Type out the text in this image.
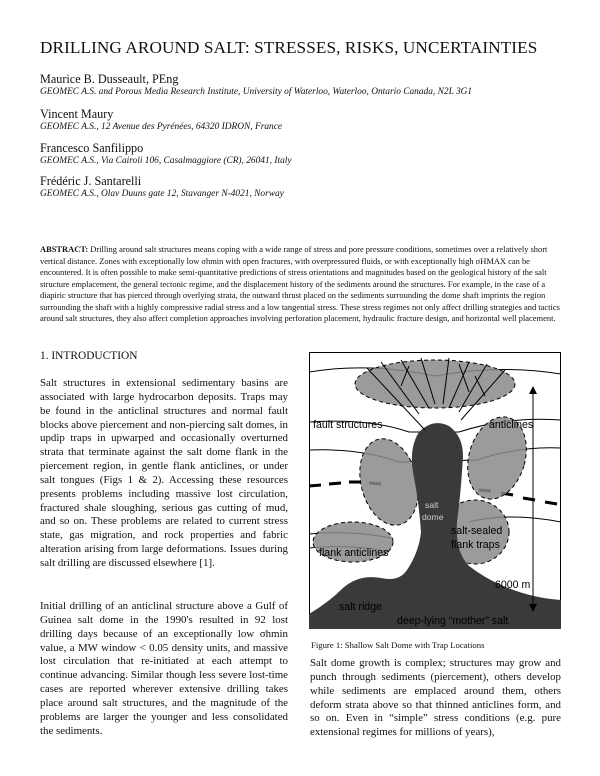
DRILLING AROUND SALT: STRESSES, RISKS, UNCERTAINTIES
Maurice B. Dusseault, PEng
GEOMEC A.S. and Porous Media Research Institute, University of Waterloo, Waterloo, Ontario Canada, N2L 3G1
Vincent Maury
GEOMEC A.S., 12 Avenue des Pyrénées, 64320 IDRON, France
Francesco Sanfilippo
GEOMEC A.S., Via Cairoli 106, Casalmaggiore (CR), 26041, Italy
Frédéric J. Santarelli
GEOMEC A.S., Olav Duuns gate 12, Stavanger N-4021, Norway
ABSTRACT: Drilling around salt structures means coping with a wide range of stress and pore pressure conditions, sometimes over a relatively short vertical distance. Zones with exceptionally low σhmin with open fractures, with overpressured fluids, or with exceptionally high σHMAX can be encountered. It is often possible to make semi-quantitative predictions of stress orientations and magnitudes based on the geological history of the salt structure emplacement, the general tectonic regime, and the displacement history of the sediments around the structures. For example, in the case of a diapiric structure that has pierced through overlying strata, the outward thrust placed on the sediments surrounding the dome shaft imprints the region surrounding the shaft with a highly compressive radial stress and a low tangential stress. These stress regimes not only affect drilling strategies and tactics around salt structures, they also affect completion approaches involving perforation placement, hydraulic fracture design, and horizontal well placement.
1. INTRODUCTION
Salt structures in extensional sedimentary basins are associated with large hydrocarbon deposits. Traps may be found in the anticlinal structures and normal fault blocks above piercement and non-piercing salt domes, in updip traps in upwarped and occasionally overturned strata that terminate against the salt dome flank in the piercement region, in gentle flank anticlines, or under salt tongues (Figs 1 & 2). Accessing these resources presents problems including massive lost circulation, fractured shale sloughing, serious gas cutting of mud, and so on. These problems are related to current stress state, gas migration, and rock properties and fabric alteration arising from large deformations. Issues during salt drilling are discussed elsewhere [1].
Initial drilling of an anticlinal structure above a Gulf of Guinea salt dome in the 1990's resulted in 92 lost drilling days because of an exceptionally low σhmin value, a MW window < 0.05 density units, and massive lost circulation that re-initiated at each attempt to continue advancing. Similar though less severe lost-time cases are reported wherever extensive drilling takes place around salt structures, and the magnitude of the problems are larger the younger and less consolidated the sediments.
fault structures	anticlines
salt
dome
flank anticlines
salt-sealed
flank traps
6000 m
salt ridge
deep-lying “mother” salt
Figure 1: Shallow Salt Dome with Trap Locations
Salt dome growth is complex; structures may grow and punch through sediments (piercement), others develop while sediments are emplaced around them, others deform strata above so that thinned anticlines form, and so on. Even in “simple” stress conditions (e.g. pure extensional regimes for millions of years),
